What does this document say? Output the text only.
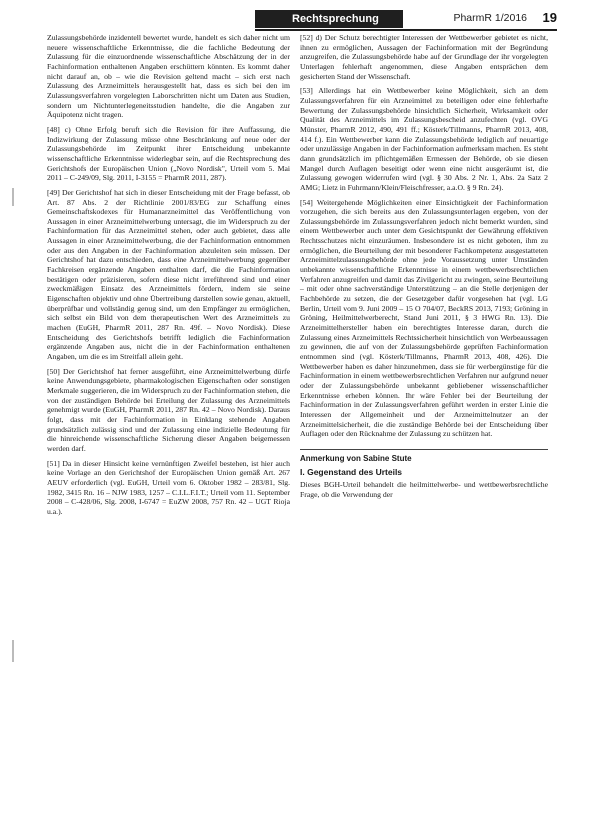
Rechtsprechung	PharmR 1/2016 19

Zulassungsbehörde inzidentell bewertet wurde, handelt es sich daher nicht um neuere wissenschaftliche Erkenntnisse, die die fachliche Bedeutung der Zulassung für die einzuordnende wissenschaftliche Abschätzung der in der Fachinformation enthaltenen Angaben erschüttern könnten. Es kommt daher nicht darauf an, ob – wie die Revision geltend macht – sich erst nach Zulassung des Arzneimittels herausgestellt hat, dass es sich bei den im Zulassungsverfahren vorgelegten Laborschritten nicht um Daten aus Studien, sondern um Nichtunterlegeneitsstudien handelte, die die Angaben zur Äquipotenz nicht tragen.

[48] c) Ohne Erfolg beruft sich die Revision für ihre Auffassung, die Indizwirkung der Zulassung müsse ohne Beschränkung auf neue oder der Zulassungsbehörde im Zeitpunkt ihrer Entscheidung unbekannte wissenschaftliche Erkenntnisse widerlegbar sein, auf die Rechtsprechung des Gerichtshofs der Europäischen Union („Novo Nordisk", Urteil vom 5. Mai 2011 – C-249/09, Slg. 2011, I-3155 = PharmR 2011, 287).

[49] Der Gerichtshof hat sich in dieser Entscheidung mit der Frage befasst, ob Art. 87 Abs. 2 der Richtlinie 2001/83/EG zur Schaffung eines Gemeinschaftskodexes für Humanarzneimittel das Veröffentlichung von Aussagen in einer Arzneimittelwerbung untersagt, die im Widerspruch zu der Fachinformation für das Arzneimittel stehen, oder auch gebietet, dass alle Aussagen in einer Arzneimittelwerbung, die der Fachinformation entnommen oder aus den Angaben in der Fachinformation abzuleiten sein müssen. Der Gerichtshof hat dazu entschieden, dass eine Arzneimittelwerbung gegenüber Fachkreisen ergänzende Angaben enthalten darf, die die Fachinformation bestätigen oder präzisieren, sofern diese nicht irreführend sind und einer zweckmäßigen Einsatz des Arzneimittels fördern, indem sie seine Eigenschaften objektiv und ohne Übertreibung darstellen sowie genau, aktuell, überprüfbar und vollständig genug sind, um den Empfänger zu ermöglichen, sich selbst ein Bild von dem therapeutischen Wert des Arzneimittels zu machen (EuGH, PharmR 2011, 287 Rn. 49f. – Novo Nordisk). Diese Entscheidung des Gerichtshofs betrifft lediglich die Fachinformation ergänzende Angaben aus, nicht die in der Fachinformation enthaltenen Angaben, um die es im Streitfall allein geht.

[50] Der Gerichtshof hat ferner ausgeführt, eine Arzneimittelwerbung dürfe keine Anwendungsgebiete, pharmakologischen Eigenschaften oder sonstigen Merkmale suggerieren, die im Widerspruch zu der Fachinformation stehen, die von der zuständigen Behörde bei Erteilung der Zulassung des Arzneimittels genehmigt wurde (EuGH, PharmR 2011, 287 Rn. 42 – Novo Nordisk). Daraus folgt, dass mit der Fachinformation in Einklang stehende Angaben grundsätzlich zulässig sind und der Zulassung eine indizielle Bedeutung für die hinreichende wissenschaftliche Sicherung dieser Angaben beigemessen werden darf.

[51] Da in dieser Hinsicht keine vernünftigen Zweifel bestehen, ist hier auch keine Vorlage an den Gerichtshof der Europäischen Union gemäß Art. 267 AEUV erforderlich (vgl. EuGH, Urteil vom 6. Oktober 1982 – 283/81, Slg. 1982, 3415 Rn. 16 – NJW 1983, 1257 – C.I.L.F.I.T.; Urteil vom 11. September 2008 – C-428/06, Slg. 2008, I-6747 = EuZW 2008, 757 Rn. 42 – UGT Rioja u.a.).

[52] d) Der Schutz berechtigter Interessen der Wettbewerber gebietet es nicht, ihnen zu ermöglichen, Aussagen der Fachinformation mit der Begründung anzugreifen, die Zulassungsbehörde habe auf der Grundlage der ihr vorgelegten Unterlagen fehlerhaft angenommen, diese Angaben entsprächen dem gesicherten Stand der Wissenschaft.

[53] Allerdings hat ein Wettbewerber keine Möglichkeit, sich an dem Zulassungsverfahren für ein Arzneimittel zu beteiligen oder eine fehlerhafte Bewertung der Zulassungsbehörde hinsichtlich Sicherheit, Wirksamkeit oder Qualität des Arzneimittels im Zulassungsbescheid anzufechten (vgl. OVG Münster, PharmR 2012, 490, 491 ff.; Kösterk/Tillmanns, PharmR 2013, 408, 414 f.). Ein Wettbewerber kann die Zulassungsbehörde lediglich auf neuartige oder unzulässige Angaben in der Fachinformation aufmerksam machen. Es steht dann grundsätzlich im pflichtgemäßen Ermessen der Behörde, ob sie diesen Mangel durch Auflagen beseitigt oder wenn eine nicht ausgeräumt ist, die Zulassung gewogen widerrufen wird (vgl. § 30 Abs. 2 Nr. 1, Abs. 2a Satz 2 AMG; Lietz in Fuhrmann/Klein/Fleischfresser, a.a.O. § 9 Rn. 24).

[54] Weitergehende Möglichkeiten einer Einsichtigkeit der Fachinformation vorzugehen, die sich bereits aus den Zulassungsunterlagen ergeben, von der Zulassungsbehörde im Zulassungsverfahren jedoch nicht bemerkt wurden, sind einem Wettbewerber auch unter dem Gesichtspunkt der Gewährung effektiven Rechtsschutzes nicht einzuräumen. Insbesondere ist es nicht geboten, ihm zu ermöglichen, die Beurteilung der mit besonderer Fachkompetenz ausgestatteten Arzneimittelzulassungsbehörde ohne jede Voraussetzung unter Umständen unbekannte wissenschaftliche Erkenntnisse in einem wettbewerbsrechtlichen Verfahren anzugreifen und damit das Zivilgericht zu zwingen, seine Beurteilung – mit oder ohne sachverständige Unterstützung – an die Stelle derjenigen der Fachbehörde zu setzen, die der Gesetzgeber dafür vorgesehen hat (vgl. LG Berlin, Urteil vom 9. Juni 2009 – 15 O 704/07, BeckRS 2013, 7193; Gröning in Gröning, Heilmittelwerberecht, Stand Juni 2011, § 3 HWG Rn. 13). Die Arzneimittelhersteller haben ein berechtigtes Interesse daran, durch die Zulassung eines Arzneimittels Rechtssicherheit hinsichtlich von Werbeaussagen zu gewinnen, die auf von der Zulassungsbehörde geprüften Fachinformation entnommen sind (vgl. Kösterk/Tillmanns, PharmR 2013, 408, 426). Die Wettbewerber haben es daher hinzunehmen, dass sie für werbergünstige für die Fachinformation in einem wettbewerbsrechtlichen Verfahren nur aufgrund neuer oder der Zulassungsbehörde unbekannt gebliebener wissenschaftlicher Erkenntnisse erheben können. Ihr wäre Fehler bei der Beurteilung der Fachinformation in der Zulassungsverfahren geführt werden in erster Linie die Interessen der Allgemeinheit und der Arzneimittelnutzer an der Arzneimittelsicherheit, die die zuständige Behörde bei der Entscheidung über Auflagen oder den Rücknahme der Zulassung zu schützen hat.

Anmerkung von Sabine Stute
I. Gegenstand des Urteils

Dieses BGH-Urteil behandelt die heilmittelwerbe- und wettbewerbsrechtliche Frage, ob die Verwendung der
